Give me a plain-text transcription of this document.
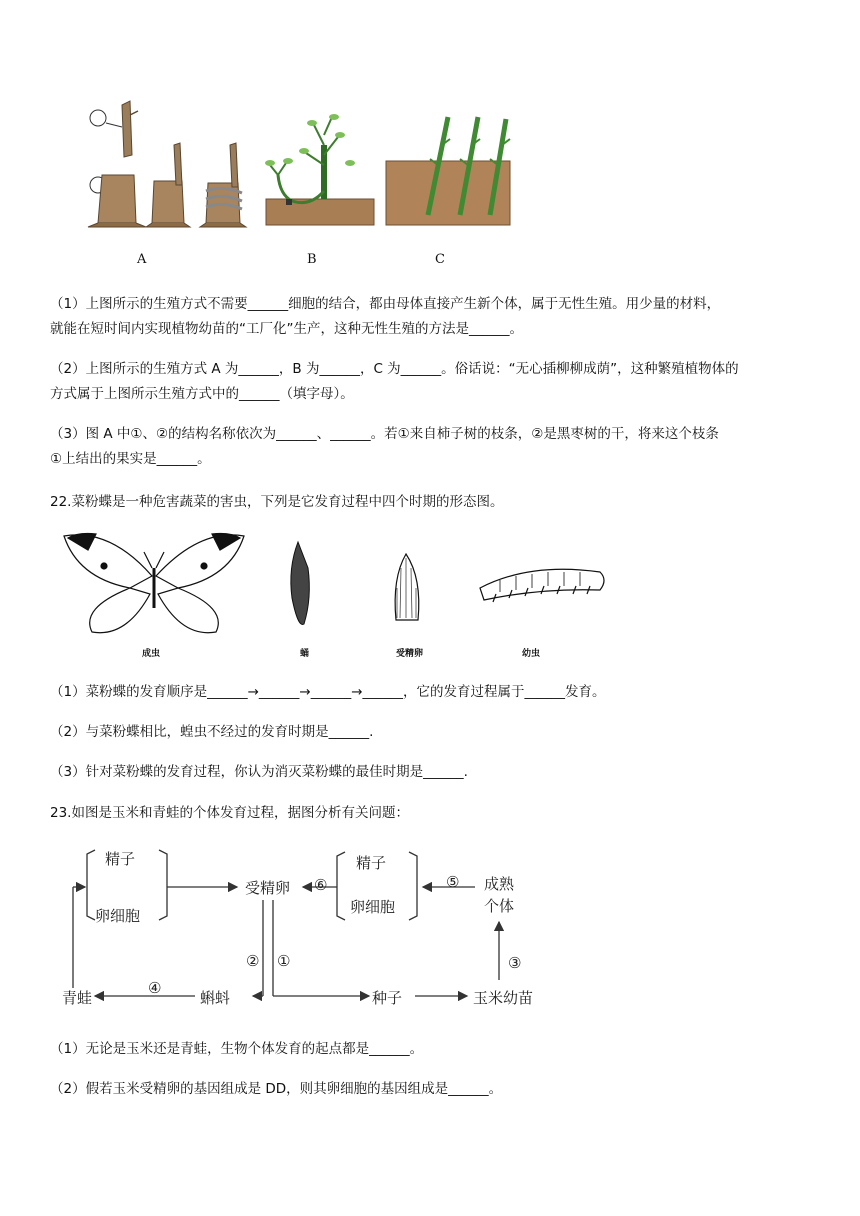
A	B	C
（1）上图所示的生殖方式不需要______细胞的结合，都由母体直接产生新个体，属于无性生殖。用少量的材料，
就能在短时间内实现植物幼苗的“工厂化”生产，这种无性生殖的方法是______。
（2）上图所示的生殖方式 A 为______，B 为______，C 为______。俗话说：“无心插柳柳成荫”，这种繁殖植物体的
方式属于上图所示生殖方式中的______（填字母）。
（3）图 A 中①、②的结构名称依次为______、______。若①来自柿子树的枝条，②是黑枣树的干，将来这个枝条
①上结出的果实是______。
22.菜粉蝶是一种危害蔬菜的害虫，下列是它发育过程中四个时期的形态图。
成虫	蛹	受精卵	幼虫
（1）菜粉蝶的发育顺序是______→______→______→______，它的发育过程属于______发育。
（2）与菜粉蝶相比，蝗虫不经过的发育时期是______.
（3）针对菜粉蝶的发育过程，你认为消灭菜粉蝶的最佳时期是______.
23.如图是玉米和青蛙的个体发育过程，据图分析有关问题：
精子
卵细胞
受精卵
精子
卵细胞
成熟
个体
青蛙	蝌蚪	种子	玉米幼苗
①
②	③
④
⑤
⑥
（1）无论是玉米还是青蛙，生物个体发育的起点都是______。
（2）假若玉米受精卵的基因组成是 DD，则其卵细胞的基因组成是______。
